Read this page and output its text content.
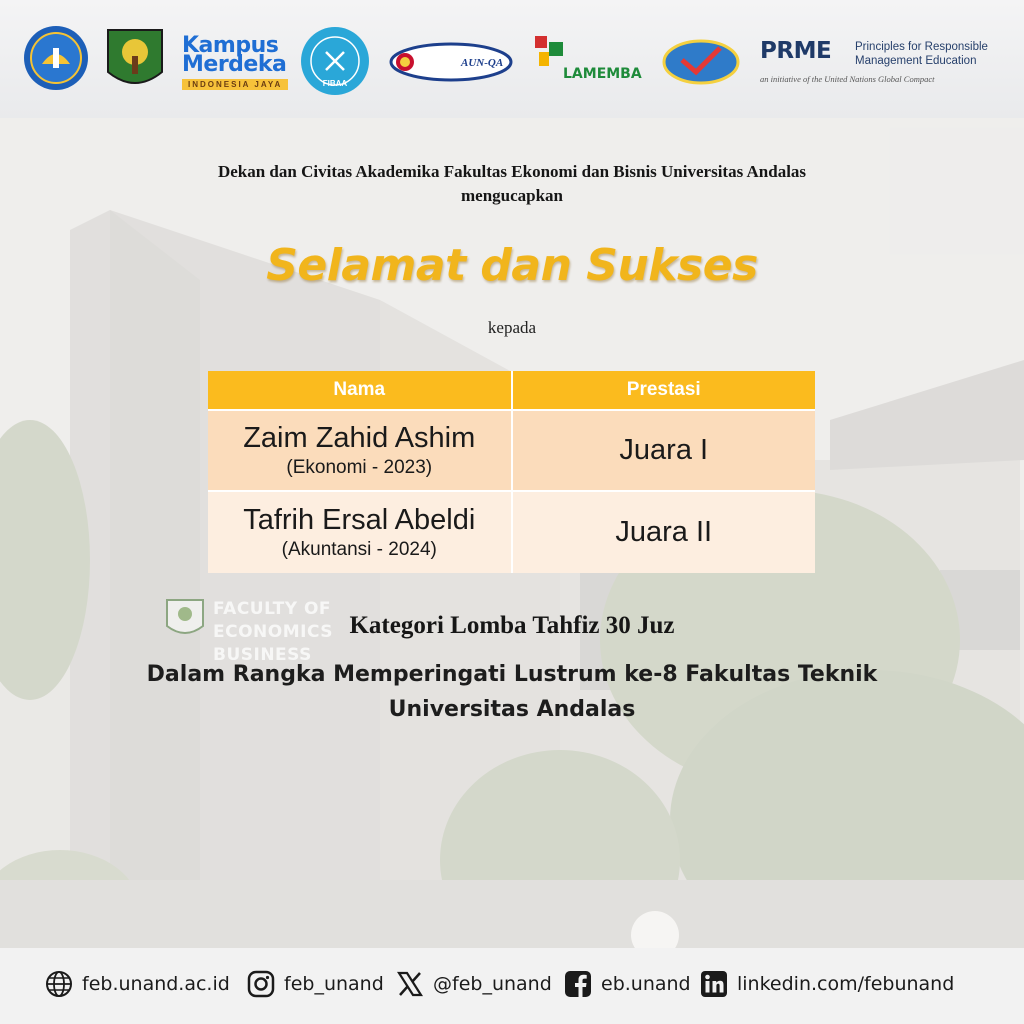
Kampus
Merdeka
INDONESIA JAYA	FIBAA
AUN-QA
LAMEMBA
PRME Principles for Responsible
Management Education
an initiative of the United Nations Global Compact
Dekan dan Civitas Akademika Fakultas Ekonomi dan Bisnis Universitas Andalas
mengucapkan
Selamat dan Sukses
kepada
Nama	Prestasi

Zaim Zahid Ashim
(Ekonomi - 2023)	Juara I

Tafrih Ersal Abeldi
(Akuntansi - 2024)	Juara II
FACULTY OF
ECONOMICS
BUSINESS
Kategori Lomba Tahfiz 30 Juz
Dalam Rangka Memperingati Lustrum ke-8 Fakultas Teknik
Universitas Andalas
feb.unand.ac.id	feb_unand	@feb_unand	eb.unand linkedin.com/febunand
